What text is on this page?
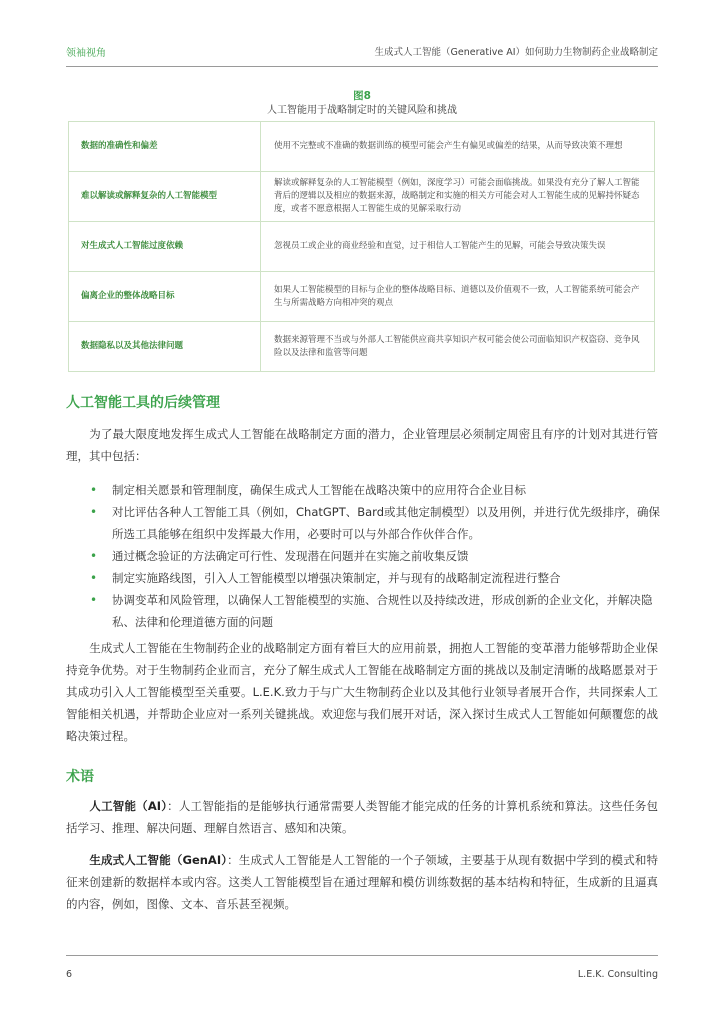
领袖视角	生成式人工智能（Generative AI）如何助力生物制药企业战略制定
图8
人工智能用于战略制定时的关键风险和挑战
数据的准确性和偏差	使用不完整或不准确的数据训练的模型可能会产生有偏见或偏差的结果，从而导致决策不理想
难以解读或解释复杂的人工智能模型	解读或解释复杂的人工智能模型（例如，深度学习）可能会面临挑战。如果没有充分了解人工智能背后的逻辑以及相应的数据来源，战略制定和实施的相关方可能会对人工智能生成的见解持怀疑态度，或者不愿意根据人工智能生成的见解采取行动
对生成式人工智能过度依赖	忽视员工或企业的商业经验和直觉，过于相信人工智能产生的见解，可能会导致决策失误
偏离企业的整体战略目标	如果人工智能模型的目标与企业的整体战略目标、道德以及价值观不一致，人工智能系统可能会产生与所需战略方向相冲突的观点
数据隐私以及其他法律问题	数据来源管理不当或与外部人工智能供应商共享知识产权可能会使公司面临知识产权盗窃、竞争风险以及法律和监管等问题
人工智能工具的后续管理

　　为了最大限度地发挥生成式人工智能在战略制定方面的潜力，企业管理层必须制定周密且有序的计划对其进行管理，其中包括：

• 制定相关愿景和管理制度，确保生成式人工智能在战略决策中的应用符合企业目标
• 对比评估各种人工智能工具（例如，ChatGPT、Bard或其他定制模型）以及用例，并进行优先级排序，确保所选工具能够在组织中发挥最大作用，必要时可以与外部合作伙伴合作。
• 通过概念验证的方法确定可行性、发现潜在问题并在实施之前收集反馈
• 制定实施路线图，引入人工智能模型以增强决策制定，并与现有的战略制定流程进行整合
• 协调变革和风险管理，以确保人工智能模型的实施、合规性以及持续改进，形成创新的企业文化，并解决隐私、法律和伦理道德方面的问题

　　生成式人工智能在生物制药企业的战略制定方面有着巨大的应用前景，拥抱人工智能的变革潜力能够帮助企业保持竞争优势。对于生物制药企业而言，充分了解生成式人工智能在战略制定方面的挑战以及制定清晰的战略愿景对于其成功引入人工智能模型至关重要。L.E.K.致力于与广大生物制药企业以及其他行业领导者展开合作，共同探索人工智能相关机遇，并帮助企业应对一系列关键挑战。欢迎您与我们展开对话，深入探讨生成式人工智能如何颠覆您的战略决策过程。

术语

　　人工智能（AI）：人工智能指的是能够执行通常需要人类智能才能完成的任务的计算机系统和算法。这些任务包括学习、推理、解决问题、理解自然语言、感知和决策。

　　生成式人工智能（GenAI）：生成式人工智能是人工智能的一个子领域，主要基于从现有数据中学到的模式和特征来创建新的数据样本或内容。这类人工智能模型旨在通过理解和模仿训练数据的基本结构和特征，生成新的且逼真的内容，例如，图像、文本、音乐甚至视频。

6	L.E.K. Consulting
